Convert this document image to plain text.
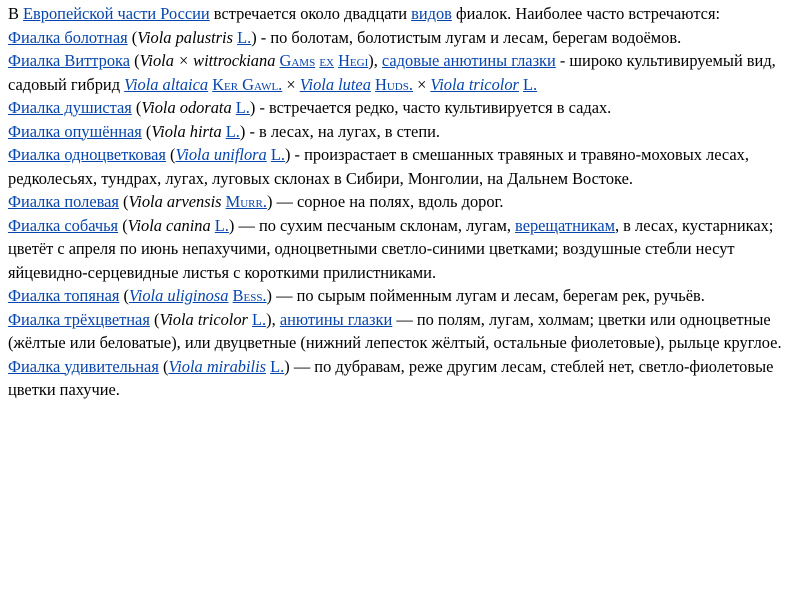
В Европейской части России встречается около двадцати видов фиалок. Наиболее часто встречаются:

Фиалка болотная (Viola palustris L.) - по болотам, болотистым лугам и лесам, берегам водоёмов.

Фиалка Виттрока (Viola × wittrockiana Gams ex Hegi), садовые анютины глазки - широко культивируемый вид, садовый гибрид Viola altaica Ker Gawl. × Viola lutea Huds. × Viola tricolor L.

Фиалка душистая (Viola odorata L.) - встречается редко, часто культивируется в садах.

Фиалка опушённая (Viola hirta L.) - в лесах, на лугах, в степи.

Фиалка одноцветковая (Viola uniflora L.) - произрастает в смешанных травяных и травяно-моховых лесах, редколесьях, тундрах, лугах, луговых склонах в Сибири, Монголии, на Дальнем Востоке.

Фиалка полевая (Viola arvensis Murr.) — сорное на полях, вдоль дорог.

Фиалка собачья (Viola canina L.) — по сухим песчаным склонам, лугам, верещатникам, в лесах, кустарниках; цветёт с апреля по июнь непахучими, одноцветными светло-синими цветками; воздушные стебли несут яйцевидно-серцевидные листья с короткими прилистниками.

Фиалка топяная (Viola uliginosa Bess.) — по сырым пойменным лугам и лесам, берегам рек, ручьёв.

Фиалка трёхцветная (Viola tricolor L.), анютины глазки — по полям, лугам, холмам; цветки или одноцветные (жёлтые или беловатые), или двуцветные (нижний лепесток жёлтый, остальные фиолетовые), рыльце круглое.

Фиалка удивительная (Viola mirabilis L.) — по дубравам, реже другим лесам, стеблей нет, светло-фиолетовые цветки пахучие.
